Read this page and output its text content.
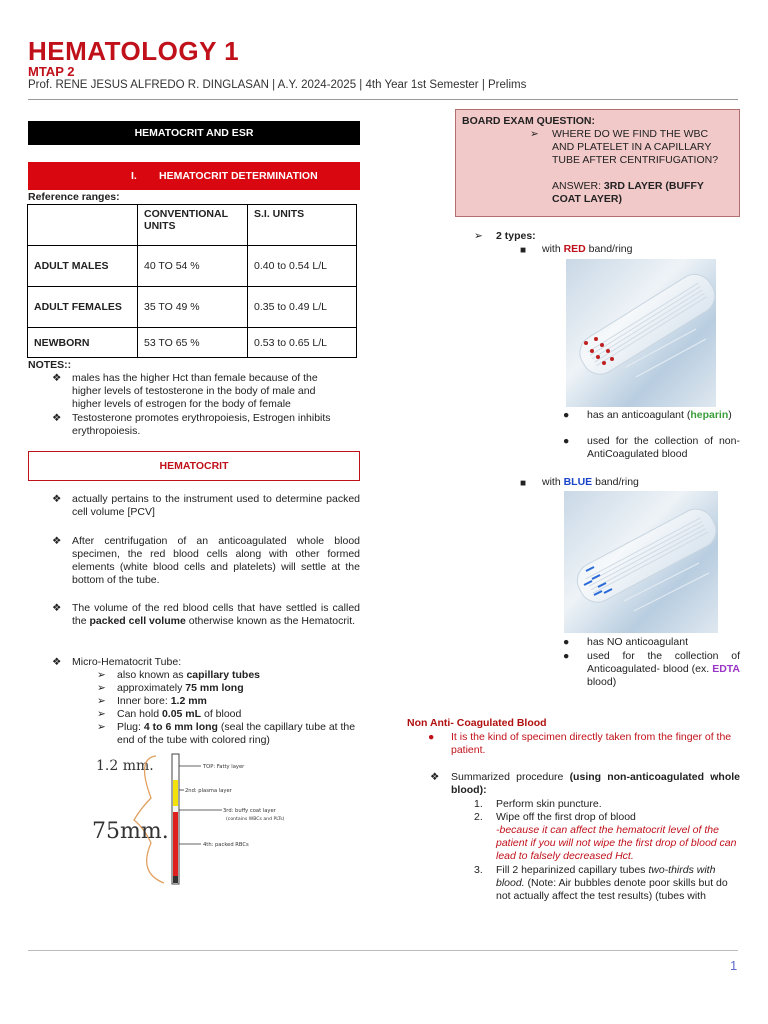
HEMATOLOGY 1
MTAP 2
Prof. RENE JESUS ALFREDO R. DINGLASAN | A.Y. 2024-2025 | 4th Year 1st Semester | Prelims
HEMATOCRIT AND ESR
I. HEMATOCRIT DETERMINATION
Reference ranges:
	CONVENTIONAL UNITS	S.I. UNITS
ADULT MALES	40 TO 54 %	0.40 to 0.54 L/L
ADULT FEMALES	35 TO 49 %	0.35 to 0.49 L/L
NEWBORN	53 TO 65 %	0.53 to 0.65 L/L
NOTES::
❖	males has the higher Hct than female because of the higher levels of testosterone in the body of male and higher levels of estrogen for the body of female
❖	Testosterone promotes erythropoiesis, Estrogen inhibits erythropoiesis.
HEMATOCRIT
❖ actually pertains to the instrument used to determine packed cell volume [PCV]
❖ After centrifugation of an anticoagulated whole blood specimen, the red blood cells along with other formed elements (white blood cells and platelets) will settle at the bottom of the tube.
❖ The volume of the red blood cells that have settled is called the packed cell volume otherwise known as the Hematocrit.
❖ Micro-Hematocrit Tube:
➢ also known as capillary tubes
➢ approximately 75 mm long
➢ Inner bore: 1.2 mm
➢ Can hold 0.05 mL of blood
➢ Plug: 4 to 6 mm long (seal the capillary tube at the end of the tube with colored ring)
1.2 mm.
75mm.
TOP: Fatty layer
2nd: plasma layer
3rd: buffy coat layer
(contains WBCs and PLTs)
4th: packed RBCs
BOARD EXAM QUESTION:
➢ WHERE DO WE FIND THE WBC AND PLATELET IN A CAPILLARY TUBE AFTER CENTRIFUGATION?
ANSWER: 3RD LAYER (BUFFY COAT LAYER)
➢ 2 types:
■ with RED band/ring
● has an anticoagulant (heparin)
● used for the collection of non-AntiCoagulated blood
■ with BLUE band/ring
● has NO anticoagulant
● used for the collection of Anticoagulated- blood (ex. EDTA blood)
Non Anti- Coagulated Blood
● It is the kind of specimen directly taken from the finger of the patient.
❖ Summarized procedure (using non-anticoagulated whole blood):
1. Perform skin puncture.
2. Wipe off the first drop of blood
-because it can affect the hematocrit level of the patient if you will not wipe the first drop of blood can lead to falsely decreased Hct.
3. Fill 2 heparinized capillary tubes two-thirds with blood. (Note: Air bubbles denote poor skills but do not actually affect the test results) (tubes with
1
